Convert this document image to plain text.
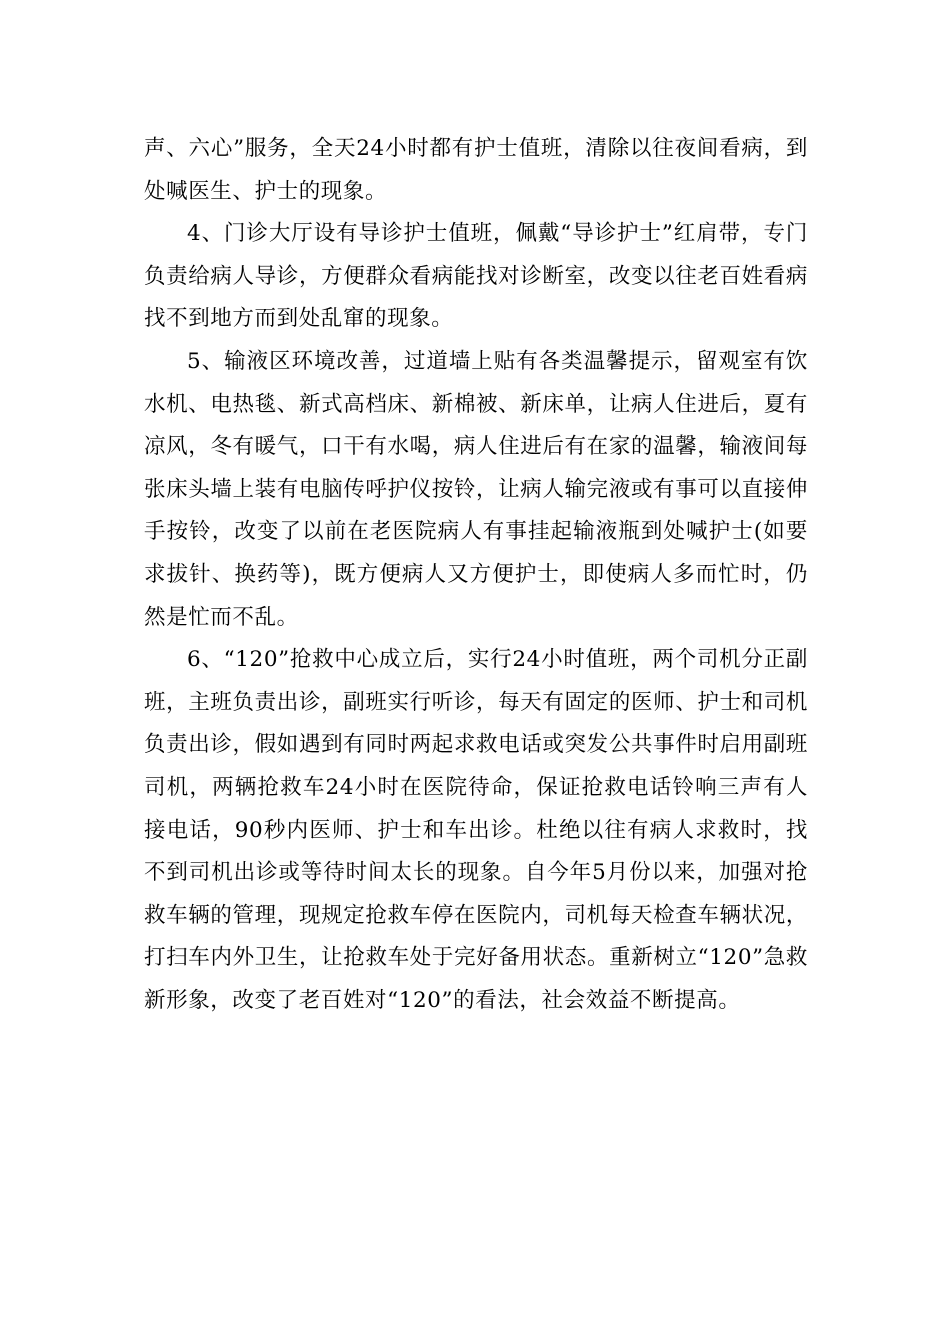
声、六心”服务，全天24小时都有护士值班，清除以往夜间看病，到处喊医生、护士的现象。

4、门诊大厅设有导诊护士值班，佩戴“导诊护士”红肩带，专门负责给病人导诊，方便群众看病能找对诊断室，改变以往老百姓看病找不到地方而到处乱窜的现象。

5、输液区环境改善，过道墙上贴有各类温馨提示，留观室有饮水机、电热毯、新式高档床、新棉被、新床单，让病人住进后，夏有凉风，冬有暖气，口干有水喝，病人住进后有在家的温馨，输液间每张床头墙上装有电脑传呼护仪按铃，让病人输完液或有事可以直接伸手按铃，改变了以前在老医院病人有事挂起输液瓶到处喊护士(如要求拔针、换药等)，既方便病人又方便护士，即使病人多而忙时，仍然是忙而不乱。

6、“120”抢救中心成立后，实行24小时值班，两个司机分正副班，主班负责出诊，副班实行听诊，每天有固定的医师、护士和司机负责出诊，假如遇到有同时两起求救电话或突发公共事件时启用副班司机，两辆抢救车24小时在医院待命，保证抢救电话铃响三声有人接电话，90秒内医师、护士和车出诊。杜绝以往有病人求救时，找不到司机出诊或等待时间太长的现象。自今年5月份以来，加强对抢救车辆的管理，现规定抢救车停在医院内，司机每天检查车辆状况，打扫车内外卫生，让抢救车处于完好备用状态。重新树立“120”急救新形象，改变了老百姓对“120”的看法，社会效益不断提高。
